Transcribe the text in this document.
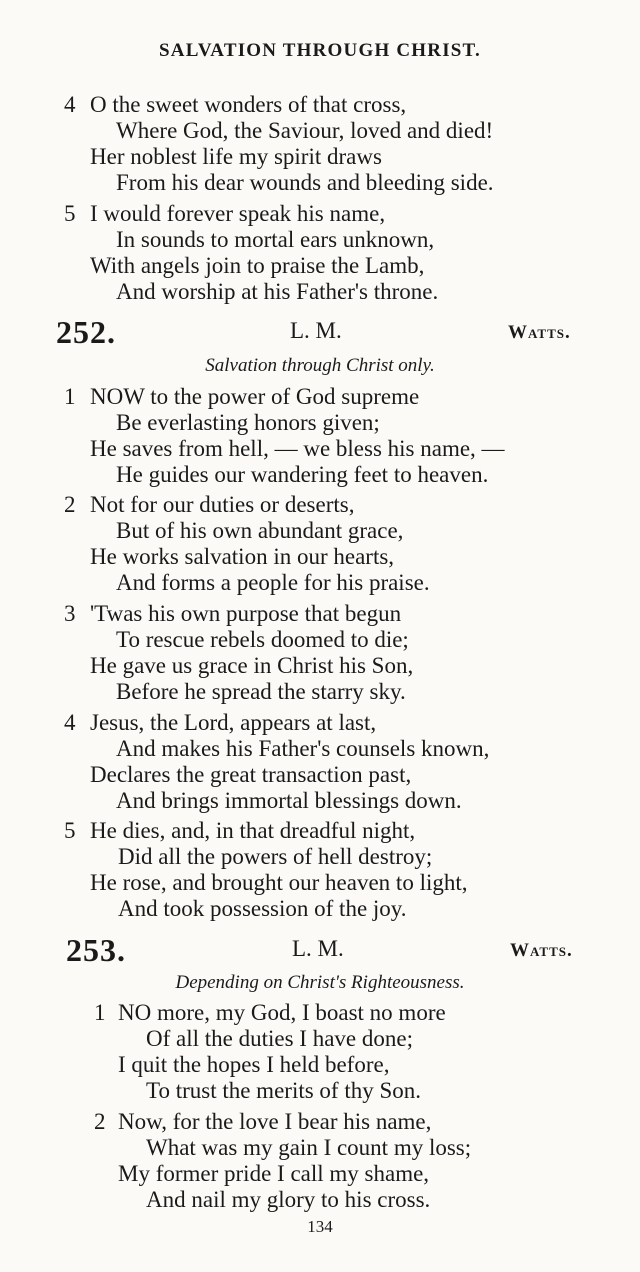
SALVATION THROUGH CHRIST.
4 O the sweet wonders of that cross,
Where God, the Saviour, loved and died!
Her noblest life my spirit draws
From his dear wounds and bleeding side.
5 I would forever speak his name,
In sounds to mortal ears unknown,
With angels join to praise the Lamb,
And worship at his Father's throne.
252.	L. M.	Watts.
Salvation through Christ only.
1 NOW to the power of God supreme
Be everlasting honors given;
He saves from hell, — we bless his name, —
He guides our wandering feet to heaven.
2 Not for our duties or deserts,
But of his own abundant grace,
He works salvation in our hearts,
And forms a people for his praise.
3 'Twas his own purpose that begun
To rescue rebels doomed to die;
He gave us grace in Christ his Son,
Before he spread the starry sky.
4 Jesus, the Lord, appears at last,
And makes his Father's counsels known,
Declares the great transaction past,
And brings immortal blessings down.
5 He dies, and, in that dreadful night,
Did all the powers of hell destroy;
He rose, and brought our heaven to light,
And took possession of the joy.
253.	L. M.	Watts.
Depending on Christ's Righteousness.
1 NO more, my God, I boast no more
Of all the duties I have done;
I quit the hopes I held before,
To trust the merits of thy Son.
2 Now, for the love I bear his name,
What was my gain I count my loss;
My former pride I call my shame,
And nail my glory to his cross.
134
